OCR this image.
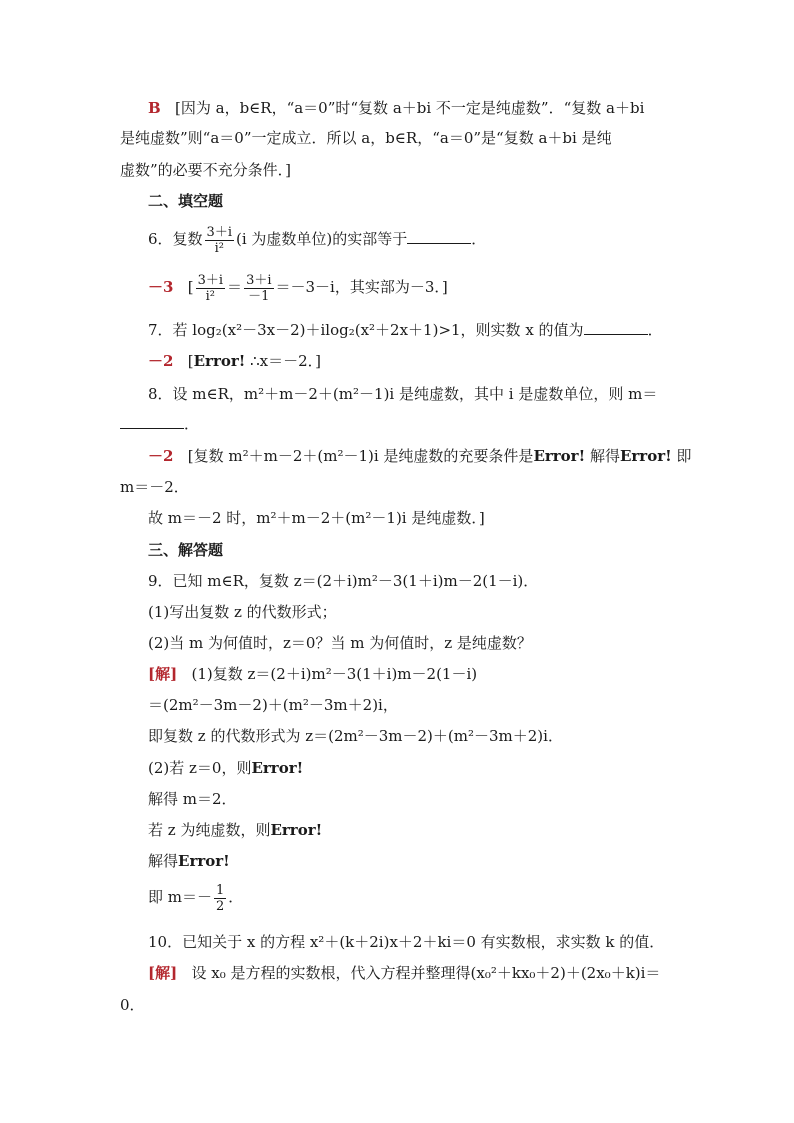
B [因为 a，b∈R，“a＝0”时“复数 a＋bi 不一定是纯虚数”．“复数 a＋bi
是纯虚数”则“a＝0”一定成立．所以 a，b∈R，“a＝0”是“复数 a＋bi 是纯
虚数”的必要不充分条件．]
二、填空题
6．复数 $\frac{3+i}{\text{i²}} (i$ 为虚数单位)的实部等于	．
－3 [ $\frac{3+i}{\text{i²}} = \frac{3+i}{-1} =-3-i$，其实部为－3．]
7．若 log₂(x²－3x－2)＋ilog₂(x²＋2x＋1)>1，则实数 x 的值为	．
－2 [Error! ∴x＝－2．]
8．设 m∈R，m²＋m－2＋(m²－1)i 是纯虚数，其中 i 是虚数单位，则 m＝
．
－2 [复数 m²＋m－2＋(m²－1)i 是纯虚数的充要条件是Error! 解得Error! 即
m＝－2．
故 m＝－2 时，m²＋m－2＋(m²－1)i 是纯虚数．]
三、解答题
9．已知 m∈R，复数 z＝(2＋i)m²－3(1＋i)m－2(1－i)．
(1)写出复数 z 的代数形式；
(2)当 m 为何值时，z＝0？当 m 为何值时，z 是纯虚数？
[解] (1)复数 z＝(2＋i)m²－3(1＋i)m－2(1－i)
＝(2m²－3m－2)＋(m²－3m＋2)i，
即复数 z 的代数形式为 z＝(2m²－3m－2)＋(m²－3m＋2)i．
(2)若 z＝0，则Error!
解得 m＝2．
若 z 为纯虚数，则Error!
解得Error!
即 $m=- \frac{1}{2}$ ．
10．已知关于 x 的方程 x²＋(k＋2i)x＋2＋ki＝0 有实数根，求实数 k 的值．
[解] 设 x₀ 是方程的实数根，代入方程并整理得(x₀²＋kx₀＋2)＋(2x₀＋k)i＝
0．
